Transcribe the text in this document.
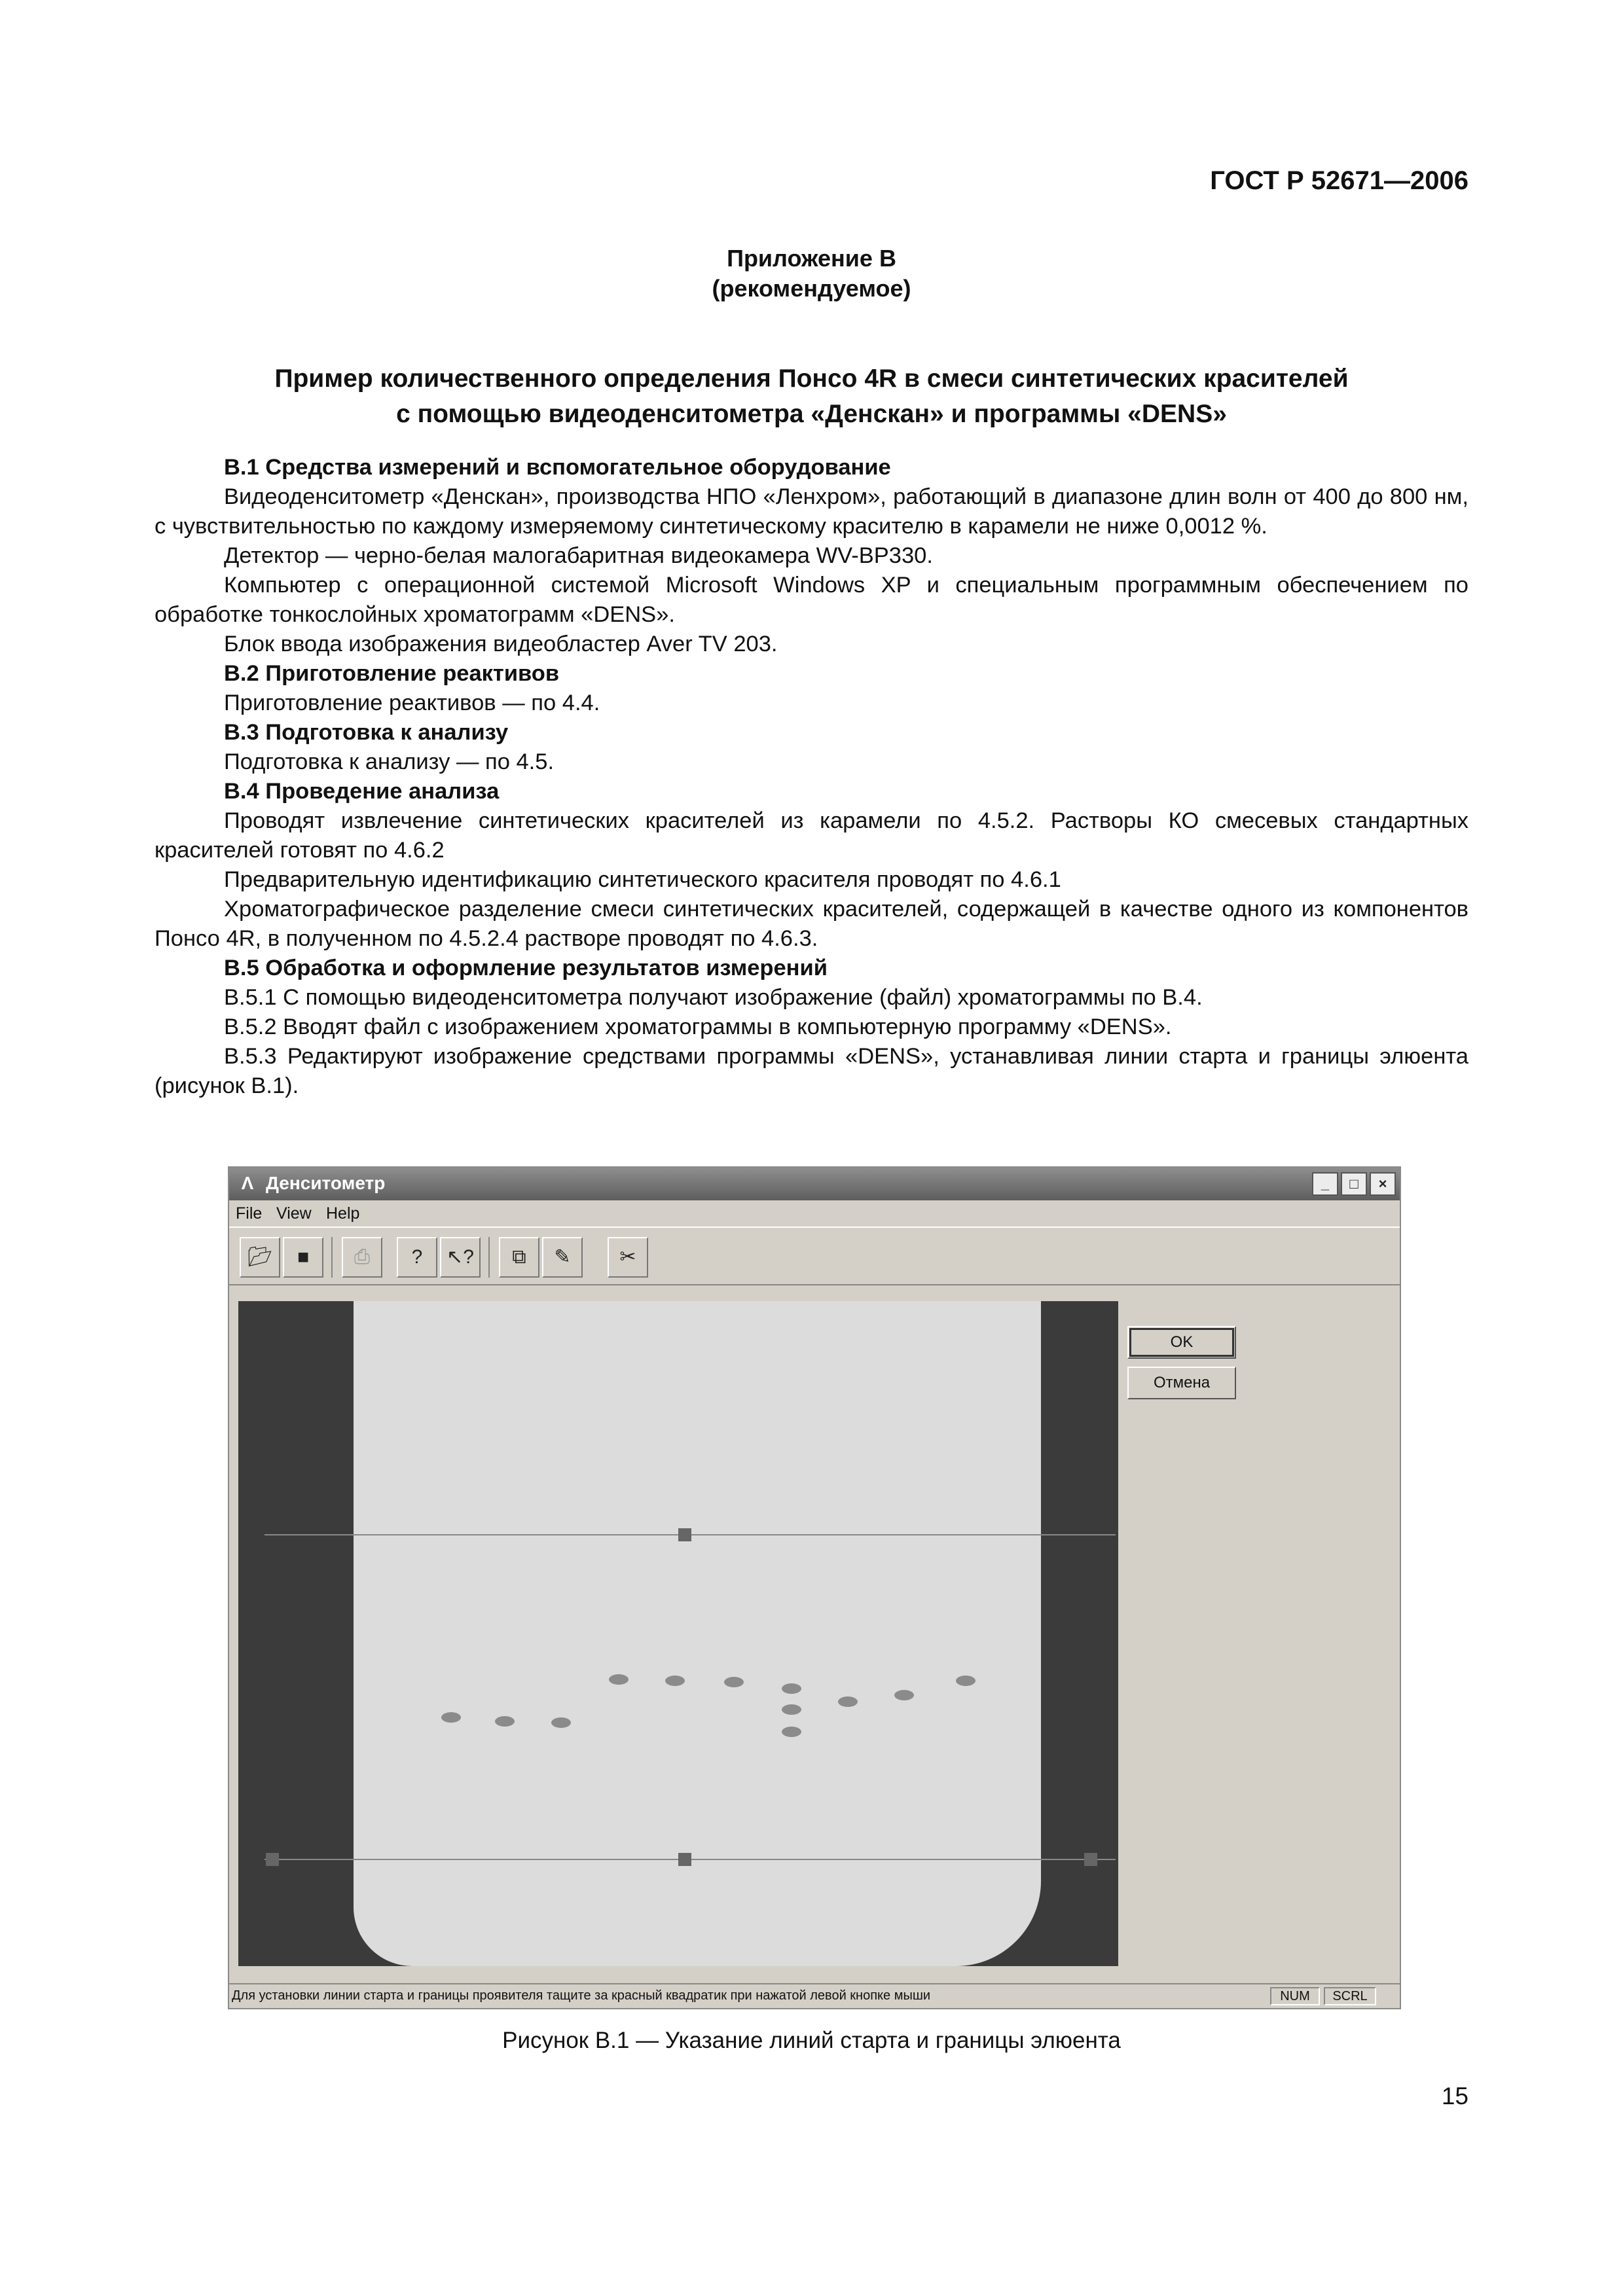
ГОСТ Р 52671—2006
Приложение В
(рекомендуемое)
Пример количественного определения Понсо 4R в смеси синтетических красителей
с помощью видеоденситометра «Денскан» и программы «DENS»

В.1 Средства измерений и вспомогательное оборудование

Видеоденситометр «Денскан», производства НПО «Ленхром», работающий в диапазоне длин волн от 400 до 800 нм, с чувствительностью по каждому измеряемому синтетическому красителю в карамели не ниже 0,0012 %.

Детектор — черно-белая малогабаритная видеокамера WV-BP330.

Компьютер с операционной системой Microsoft Windows XP и специальным программным обеспечением по обработке тонкослойных хроматограмм «DENS».

Блок ввода изображения видеобластер Aver TV 203.

В.2 Приготовление реактивов

Приготовление реактивов — по 4.4.

В.3 Подготовка к анализу

Подготовка к анализу — по 4.5.

В.4 Проведение анализа

Проводят извлечение синтетических красителей из карамели по 4.5.2. Растворы КО смесевых стандартных красителей готовят по 4.6.2

Предварительную идентификацию синтетического красителя проводят по 4.6.1

Хроматографическое разделение смеси синтетических красителей, содержащей в качестве одного из компонентов Понсо 4R, в полученном по 4.5.2.4 растворе проводят по 4.6.3.

В.5 Обработка и оформление результатов измерений

В.5.1 С помощью видеоденситометра получают изображение (файл) хроматограммы по В.4.

В.5.2 Вводят файл с изображением хроматограммы в компьютерную программу «DENS».

В.5.3 Редактируют изображение средствами программы «DENS», устанавливая линии старта и границы элюента (рисунок В.1).

Λ Денситометр	_	□	×
File View Help
📂︎	■	⎙	?	↖?	⧉	✎	✂
OK
Отмена
Для установки линии старта и границы проявителя тащите за красный квадратик при нажатой левой кнопке мыши	NUM	SCRL
Рисунок В.1 — Указание линий старта и границы элюента
15
